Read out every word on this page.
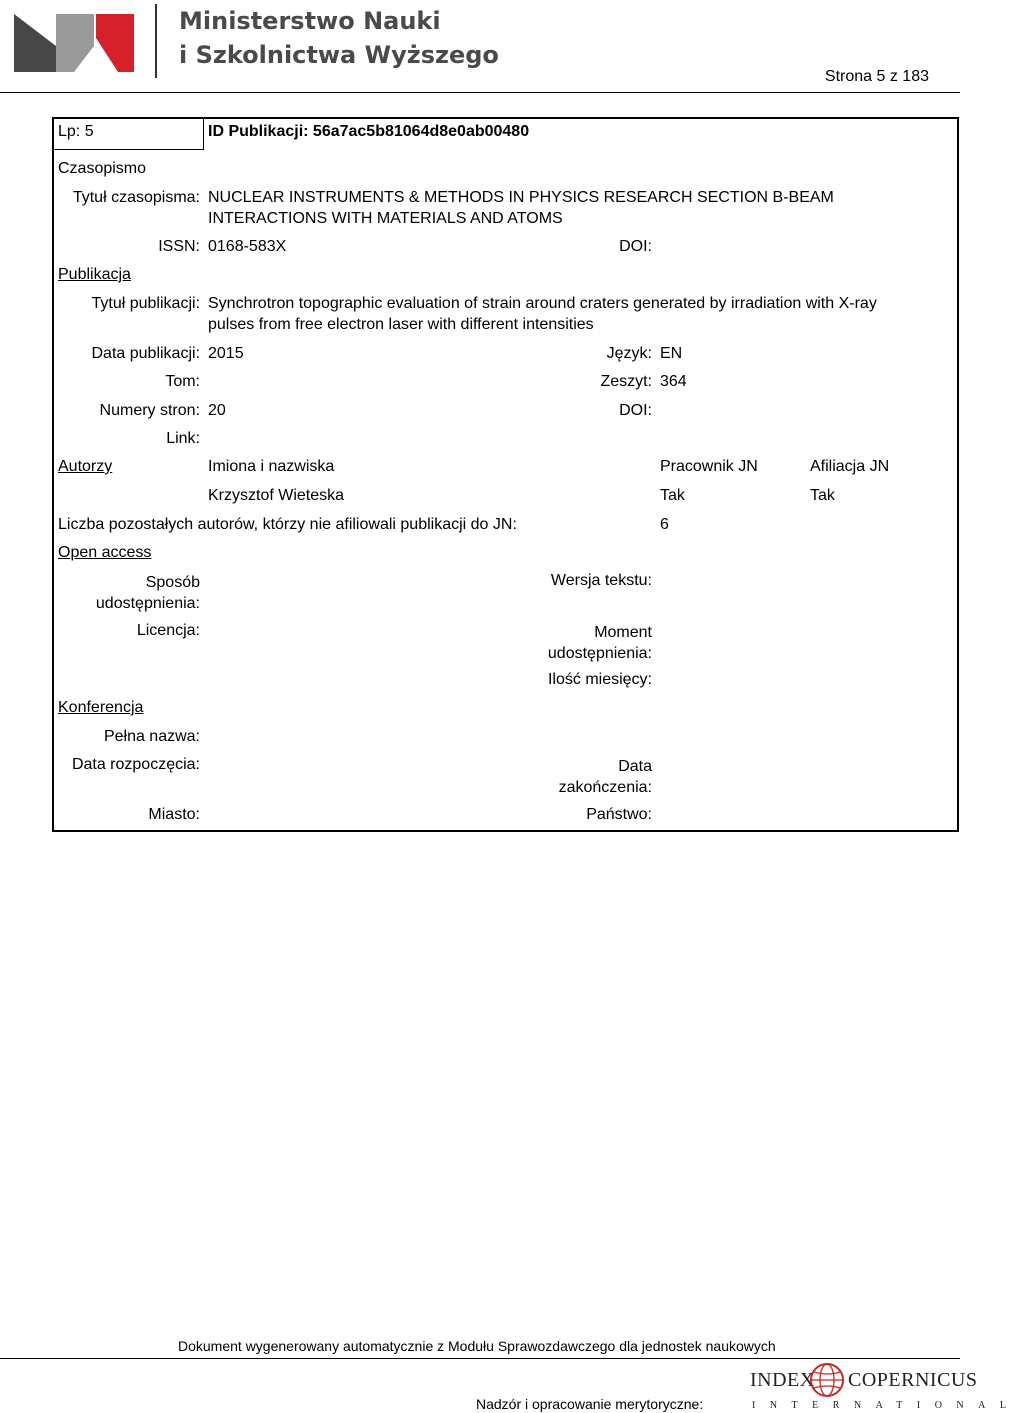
Ministerstwo Nauki
i Szkolnictwa Wyższego
Strona 5 z 183
Lp: 5	ID Publikacji: 56a7ac5b81064d8e0ab00480
Czasopismo
Tytuł czasopisma: NUCLEAR INSTRUMENTS & METHODS IN PHYSICS RESEARCH SECTION B-BEAM
INTERACTIONS WITH MATERIALS AND ATOMS
ISSN: 0168-583X	DOI:
Publikacja
Tytuł publikacji: Synchrotron topographic evaluation of strain around craters generated by irradiation with X-ray
pulses from free electron laser with different intensities
Data publikacji: 2015	Język: EN
Tom:	Zeszyt: 364
Numery stron: 20	DOI:
Link:
Autorzy	Imiona i nazwiska	Pracownik JN	Afiliacja JN
Krzysztof Wieteska	Tak	Tak
Liczba pozostałych autorów, którzy nie afiliowali publikacji do JN:	6
Open access
Sposób
udostępnienia:
Wersja tekstu:
Licencja:	Moment
udostępnienia:
Ilość miesięcy:
Konferencja
Pełna nazwa:
Data rozpoczęcia:	Data
zakończenia:
Miasto:	Państwo:
Dokument wygenerowany automatycznie z Modułu Sprawozdawczego dla jednostek naukowych
Nadzór i opracowanie merytoryczne:
INDEX COPERNICUS
INTERNATIONAL
